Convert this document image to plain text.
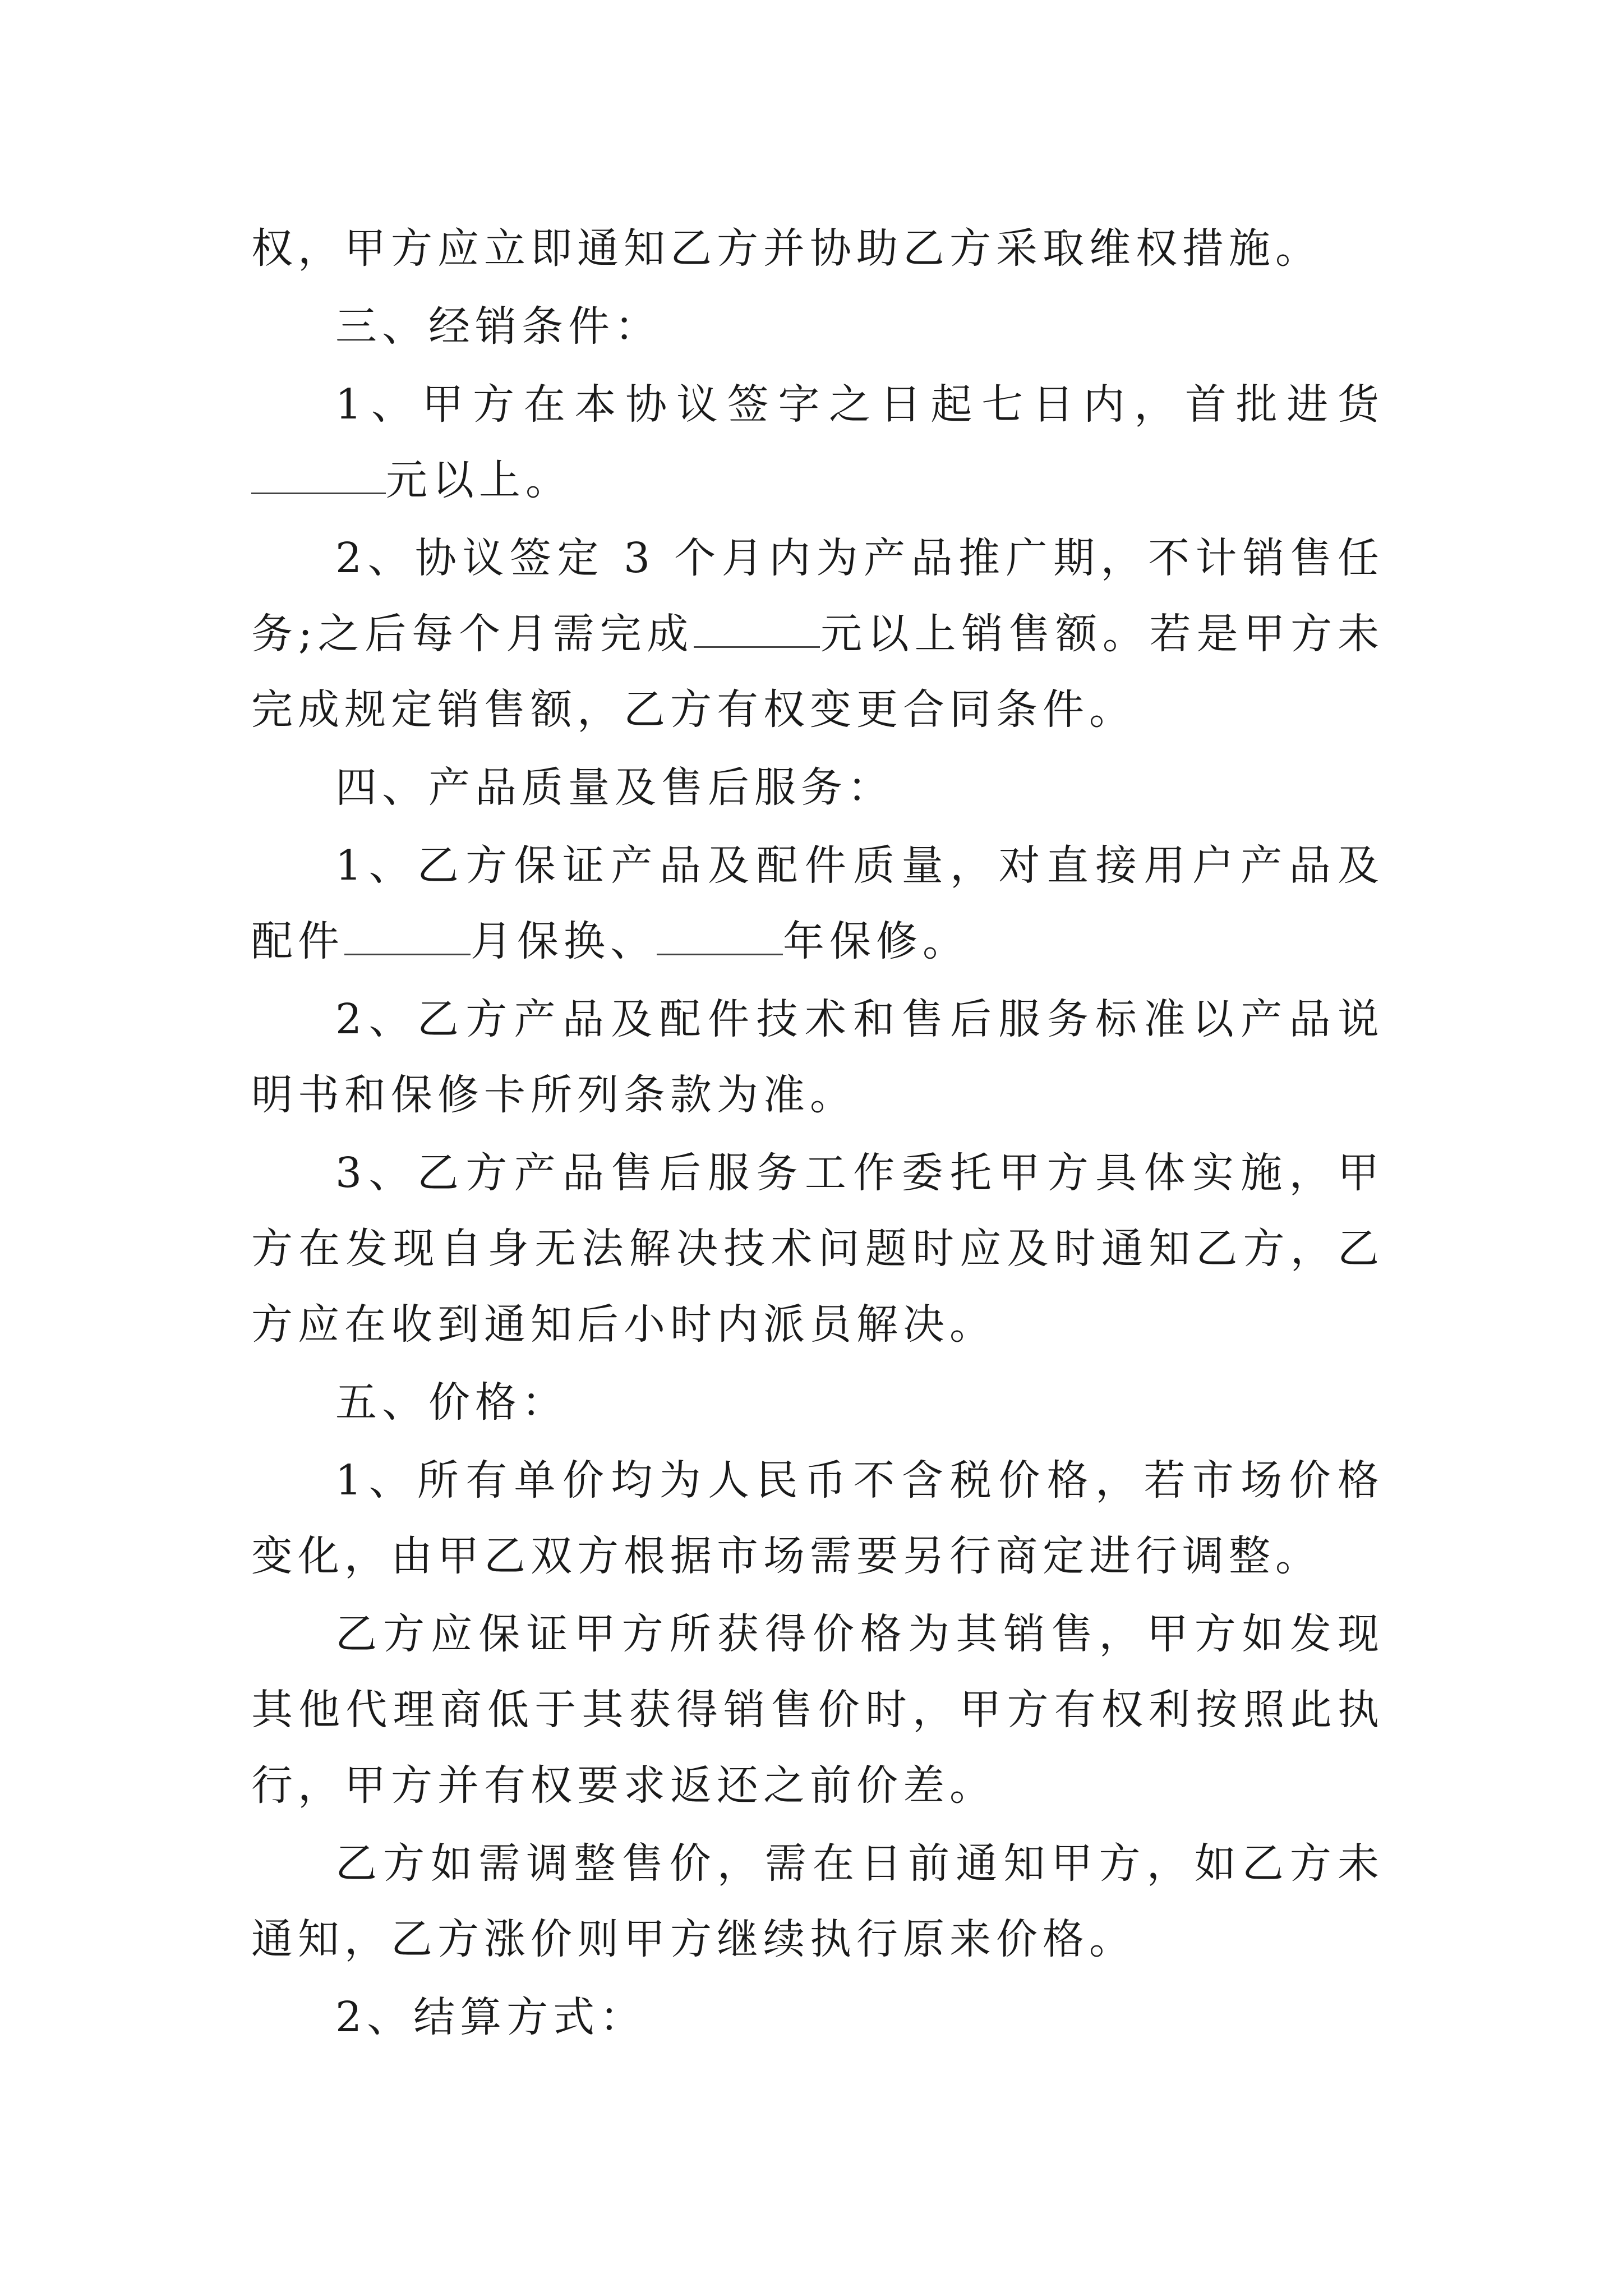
权，甲方应立即通知乙方并协助乙方采取维权措施。

三、经销条件：

1、甲方在本协议签字之日起七日内，首批进货元以上。

2、协议签定 3 个月内为产品推广期，不计销售任务;之后每个月需完成	元以上销售额。若是甲方未完成规定销售额，乙方有权变更合同条件。

四、产品质量及售后服务：

1、乙方保证产品及配件质量，对直接用户产品及配件	月保换、	年保修。

2、乙方产品及配件技术和售后服务标准以产品说明书和保修卡所列条款为准。

3、乙方产品售后服务工作委托甲方具体实施，甲方在发现自身无法解决技术问题时应及时通知乙方，乙方应在收到通知后小时内派员解决。

五、价格：

1、所有单价均为人民币不含税价格，若市场价格变化，由甲乙双方根据市场需要另行商定进行调整。

乙方应保证甲方所获得价格为其销售，甲方如发现其他代理商低于其获得销售价时，甲方有权利按照此执行，甲方并有权要求返还之前价差。

乙方如需调整售价，需在日前通知甲方，如乙方未通知，乙方涨价则甲方继续执行原来价格。

2、结算方式：
